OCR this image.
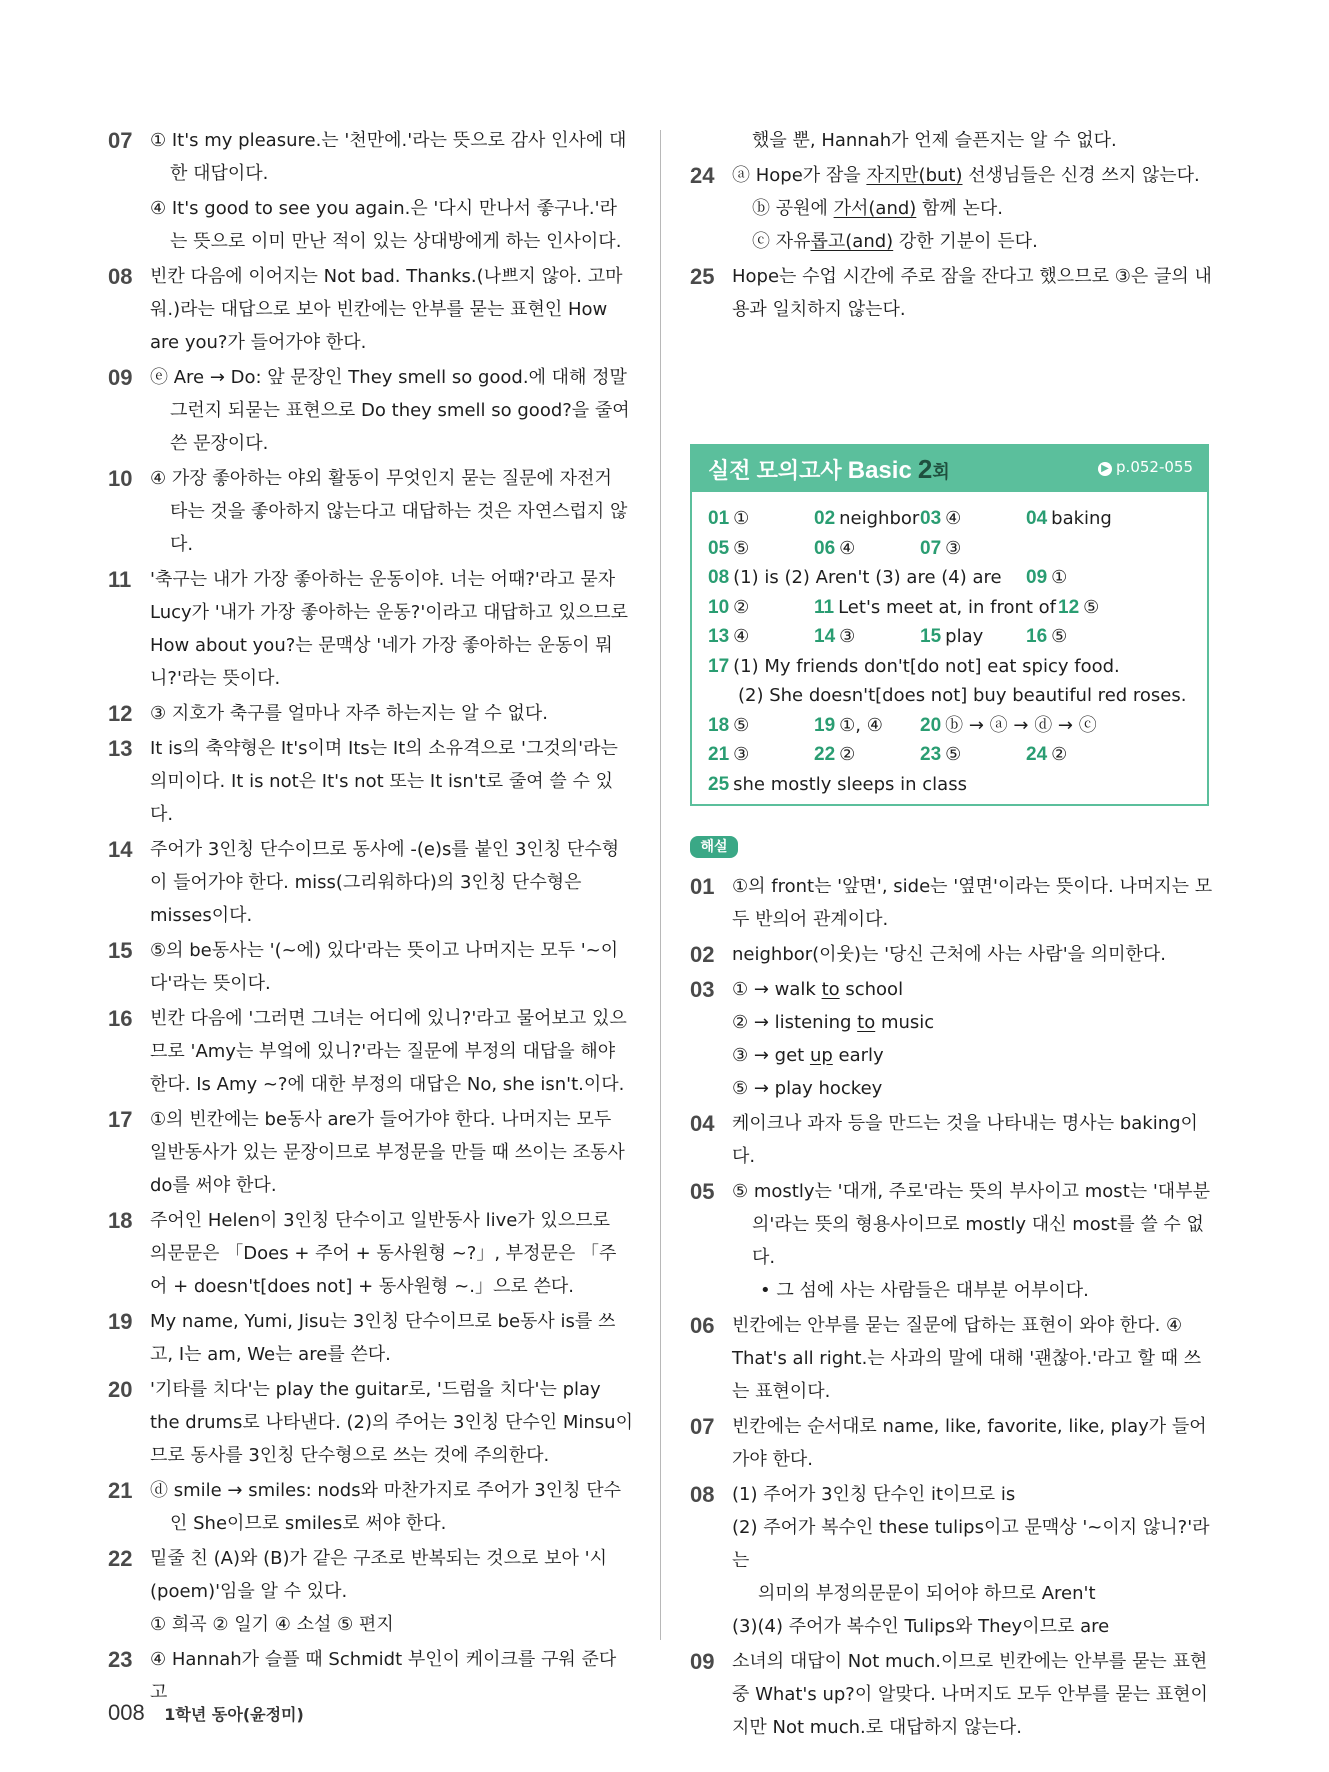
07 ① It's my pleasure.는 '천만에.'라는 뜻으로 감사 인사에 대한 대답이다.

④ It's good to see you again.은 '다시 만나서 좋구나.'라는 뜻으로 이미 만난 적이 있는 상대방에게 하는 인사이다.

08 빈칸 다음에 이어지는 Not bad. Thanks.(나쁘지 않아. 고마워.)라는 대답으로 보아 빈칸에는 안부를 묻는 표현인 How are you?가 들어가야 한다.

09 ⓔ Are → Do: 앞 문장인 They smell so good.에 대해 정말 그런지 되묻는 표현으로 Do they smell so good?을 줄여 쓴 문장이다.

10 ④ 가장 좋아하는 야외 활동이 무엇인지 묻는 질문에 자전거 타는 것을 좋아하지 않는다고 대답하는 것은 자연스럽지 않다.

11	'축구는 내가 가장 좋아하는 운동이야. 너는 어때?'라고 묻자 Lucy가 '내가 가장 좋아하는 운동?'이라고 대답하고 있으므로 How about you?는 문맥상 '네가 가장 좋아하는 운동이 뭐니?'라는 뜻이다.

12 ③ 지호가 축구를 얼마나 자주 하는지는 알 수 없다.

13 It is의 축약형은 It's이며 Its는 It의 소유격으로 '그것의'라는 의미이다. It is not은 It's not 또는 It isn't로 줄여 쓸 수 있다.

14 주어가 3인칭 단수이므로 동사에 -(e)s를 붙인 3인칭 단수형이 들어가야 한다. miss(그리워하다)의 3인칭 단수형은 misses이다.

15 ⑤의 be동사는 '(~에) 있다'라는 뜻이고 나머지는 모두 '~이다'라는 뜻이다.

16 빈칸 다음에 '그러면 그녀는 어디에 있니?'라고 물어보고 있으므로 'Amy는 부엌에 있니?'라는 질문에 부정의 대답을 해야 한다. Is Amy ~?에 대한 부정의 대답은 No, she isn't.이다.

17 ①의 빈칸에는 be동사 are가 들어가야 한다. 나머지는 모두 일반동사가 있는 문장이므로 부정문을 만들 때 쓰이는 조동사 do를 써야 한다.

18 주어인 Helen이 3인칭 단수이고 일반동사 live가 있으므로 의문문은 「Does + 주어 + 동사원형 ~?」, 부정문은 「주어 + doesn't[does not] + 동사원형 ~.」으로 쓴다.

19 My name, Yumi, Jisu는 3인칭 단수이므로 be동사 is를 쓰고, I는 am, We는 are를 쓴다.

20 '기타를 치다'는 play the guitar로, '드럼을 치다'는 play the drums로 나타낸다. (2)의 주어는 3인칭 단수인 Minsu이므로 동사를 3인칭 단수형으로 쓰는 것에 주의한다.

21 ⓓ smile → smiles: nods와 마찬가지로 주어가 3인칭 단수인 She이므로 smiles로 써야 한다.

22 밑줄 친 (A)와 (B)가 같은 구조로 반복되는 것으로 보아 '시(poem)'임을 알 수 있다.

① 희곡 ② 일기 ④ 소설 ⑤ 편지

23 ④ Hannah가 슬플 때 Schmidt 부인이 케이크를 구워 준다고

했을 뿐, Hannah가 언제 슬픈지는 알 수 없다.

24 ⓐ Hope가 잠을 자지만(but) 선생님들은 신경 쓰지 않는다.

ⓑ 공원에 가서(and) 함께 논다.

ⓒ 자유롭고(and) 강한 기분이 든다.

25 Hope는 수업 시간에 주로 잠을 잔다고 했으므로 ③은 글의 내용과 일치하지 않는다.

실전 모의고사 Basic 2회	▶ p.052-055
01 ①	02 neighbor 03 ④	04 baking
05 ⑤	06 ④	07 ③
08 (1) is (2) Aren't (3) are (4) are 09 ①
10 ②	11 Let's meet at, in front of 12 ⑤
13 ④	14 ③	15 play 16 ⑤
17 (1) My friends don't[do not] eat spicy food.
(2) She doesn't[does not] buy beautiful red roses.
18 ⑤	19 ①, ④ 20 ⓑ → ⓐ → ⓓ → ⓒ
21 ③	22 ②	23 ⑤	24 ②
25 she mostly sleeps in class
해설
01 ①의 front는 '앞면', side는 '옆면'이라는 뜻이다. 나머지는 모두 반의어 관계이다.

02 neighbor(이웃)는 '당신 근처에 사는 사람'을 의미한다.

03 ① → walk to school

② → listening to music

③ → get up early

⑤ → play hockey

04 케이크나 과자 등을 만드는 것을 나타내는 명사는 baking이다.

05 ⑤ mostly는 '대개, 주로'라는 뜻의 부사이고 most는 '대부분의'라는 뜻의 형용사이므로 mostly 대신 most를 쓸 수 없다.

• 그 섬에 사는 사람들은 대부분 어부이다.

06 빈칸에는 안부를 묻는 질문에 답하는 표현이 와야 한다. ④ That's all right.는 사과의 말에 대해 '괜찮아.'라고 할 때 쓰는 표현이다.

07 빈칸에는 순서대로 name, like, favorite, like, play가 들어가야 한다.

08 (1) 주어가 3인칭 단수인 it이므로 is

(2) 주어가 복수인 these tulips이고 문맥상 '~이지 않니?'라는

의미의 부정의문문이 되어야 하므로 Aren't

(3)(4) 주어가 복수인 Tulips와 They이므로 are

09 소녀의 대답이 Not much.이므로 빈칸에는 안부를 묻는 표현 중 What's up?이 알맞다. 나머지도 모두 안부를 묻는 표현이지만 Not much.로 대답하지 않는다.

008 1학년 동아(윤정미)
